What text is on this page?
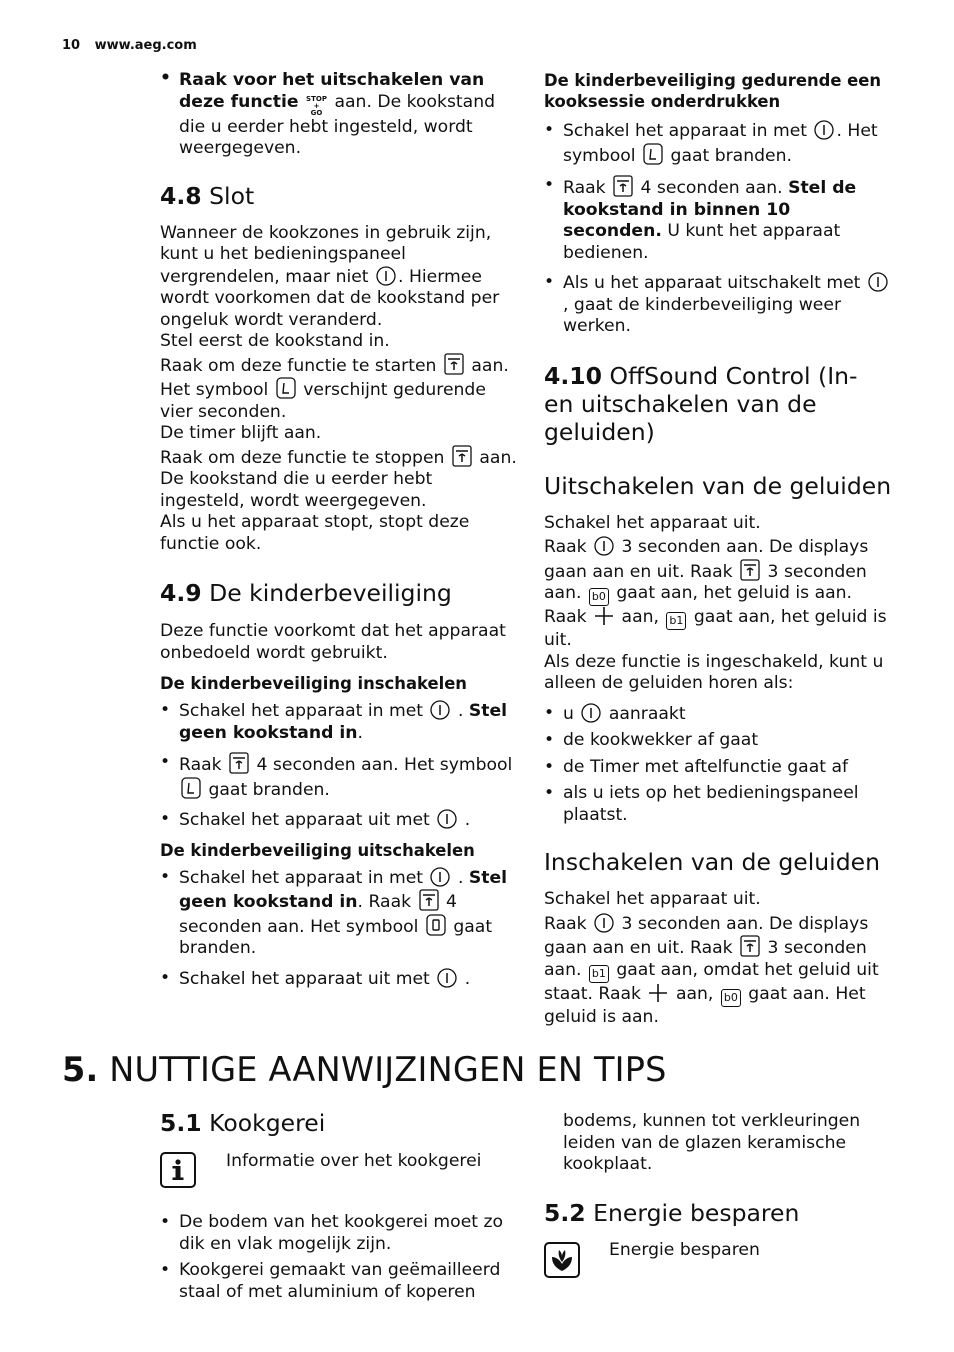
10 www.aeg.com
• Raak voor het uitschakelen van deze functie STOP
+
GO aan. De kookstand die u eerder hebt ingesteld, wordt weergegeven.
4.8 Slot

Wanneer de kookzones in gebruik zijn, kunt u het bedieningspaneel vergrendelen, maar niet . Hiermee wordt voorkomen dat de kookstand per ongeluk wordt veranderd.

Stel eerst de kookstand in.

Raak om deze functie te starten aan.

Het symbool verschijnt gedurende vier seconden.

De timer blijft aan.

Raak om deze functie te stoppen aan.

De kookstand die u eerder hebt ingesteld, wordt weergegeven.

Als u het apparaat stopt, stopt deze functie ook.

4.9 De kinderbeveiliging

Deze functie voorkomt dat het apparaat onbedoeld wordt gebruikt.

De kinderbeveiliging inschakelen
• Schakel het apparaat in met . Stel geen kookstand in.
• Raak 4 seconden aan. Het symbool
gaat branden.
• Schakel het apparaat uit met .
De kinderbeveiliging uitschakelen
• Schakel het apparaat in met . Stel geen kookstand in. Raak 4 seconden aan. Het symbool gaat branden.
• Schakel het apparaat uit met .
De kinderbeveiliging gedurende een kooksessie onderdrukken
• Schakel het apparaat in met . Het symbool gaat branden.
• Raak 4 seconden aan. Stel de kookstand in binnen 10 seconden. U kunt het apparaat bedienen.
• Als u het apparaat uitschakelt met
, gaat de kinderbeveiliging weer werken.
4.10 OffSound Control (In- en uitschakelen van de geluiden)
Uitschakelen van de geluiden

Schakel het apparaat uit.

Raak 3 seconden aan. De displays gaan aan en uit. Raak 3 seconden aan. b0 gaat aan, het geluid is aan. Raak aan, b1 gaat aan, het geluid is uit.

Als deze functie is ingeschakeld, kunt u alleen de geluiden horen als:

• u aanraakt
• de kookwekker af gaat
• de Timer met aftelfunctie gaat af
• als u iets op het bedieningspaneel plaatst.
Inschakelen van de geluiden

Schakel het apparaat uit.

Raak 3 seconden aan. De displays gaan aan en uit. Raak 3 seconden aan. b1 gaat aan, omdat het geluid uit staat. Raak aan, b0 gaat aan. Het geluid is aan.

5. NUTTIGE AANWIJZINGEN EN TIPS
5.1 Kookgerei
Informatie over het kookgerei
• De bodem van het kookgerei moet zo dik en vlak mogelijk zijn.
• Kookgerei gemaakt van geëmailleerd staal of met aluminium of koperen

bodems, kunnen tot verkleuringen leiden van de glazen keramische kookplaat.

5.2 Energie besparen
Energie besparen
